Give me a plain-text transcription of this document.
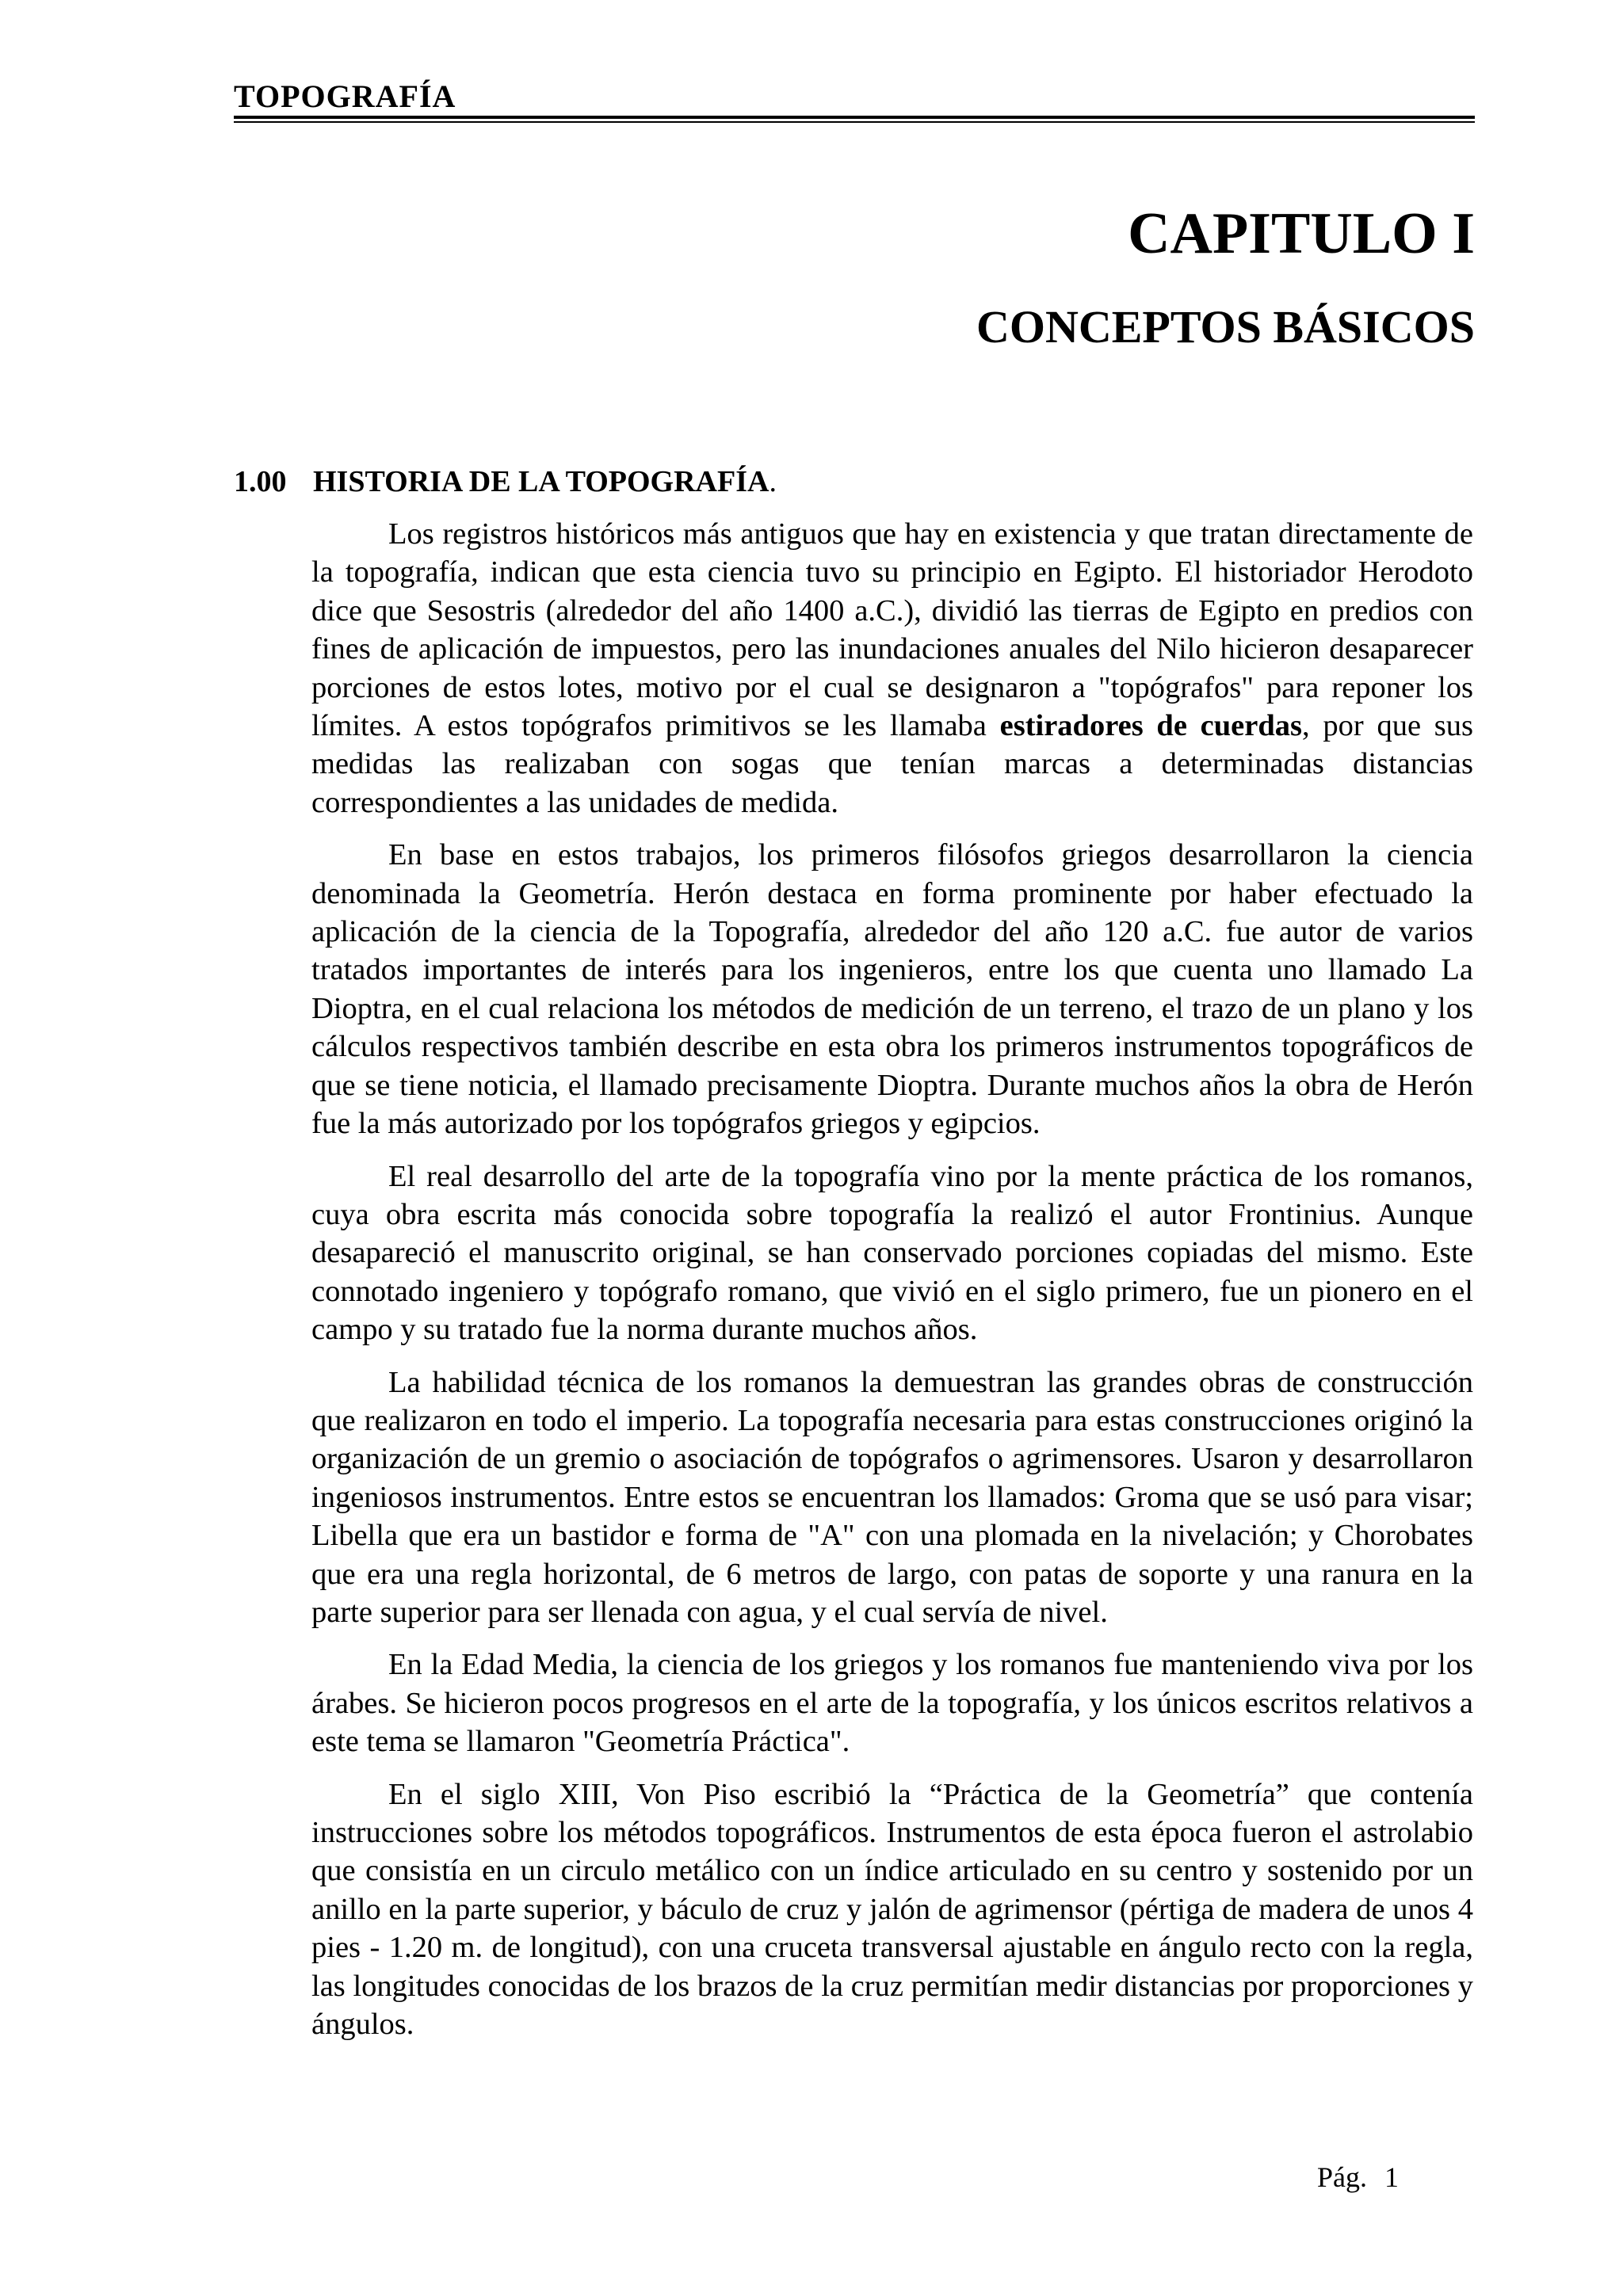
TOPOGRAFÍA
CAPITULO I
CONCEPTOS BÁSICOS
1.00 HISTORIA DE LA TOPOGRAFÍA.

Los registros históricos más antiguos que hay en existencia y que tratan directamente de la topografía, indican que esta ciencia tuvo su principio en Egipto. El historiador Herodoto dice que Sesostris (alrededor del año 1400 a.C.), dividió las tierras de Egipto en predios con fines de aplicación de impuestos, pero las inundaciones anuales del Nilo hicieron desaparecer porciones de estos lotes, motivo por el cual se designaron a "topógrafos" para reponer los límites. A estos topógrafos primitivos se les llamaba estiradores de cuerdas, por que sus medidas las realizaban con sogas que tenían marcas a determinadas distancias correspondientes a las unidades de medida.

En base en estos trabajos, los primeros filósofos griegos desarrollaron la ciencia denominada la Geometría. Herón destaca en forma prominente por haber efectuado la aplicación de la ciencia de la Topografía, alrededor del año 120 a.C. fue autor de varios tratados importantes de interés para los ingenieros, entre los que cuenta uno llamado La Dioptra, en el cual relaciona los métodos de medición de un terreno, el trazo de un plano y los cálculos respectivos también describe en esta obra los primeros instrumentos topográficos de que se tiene noticia, el llamado precisamente Dioptra. Durante muchos años la obra de Herón fue la más autorizado por los topógrafos griegos y egipcios.

El real desarrollo del arte de la topografía vino por la mente práctica de los romanos, cuya obra escrita más conocida sobre topografía la realizó el autor Frontinius. Aunque desapareció el manuscrito original, se han conservado porciones copiadas del mismo. Este connotado ingeniero y topógrafo romano, que vivió en el siglo primero, fue un pionero en el campo y su tratado fue la norma durante muchos años.

La habilidad técnica de los romanos la demuestran las grandes obras de construcción que realizaron en todo el imperio. La topografía necesaria para estas construcciones originó la organización de un gremio o asociación de topógrafos o agrimensores. Usaron y desarrollaron ingeniosos instrumentos. Entre estos se encuentran los llamados: Groma que se usó para visar; Libella que era un bastidor e forma de "A" con una plomada en la nivelación; y Chorobates que era una regla horizontal, de 6 metros de largo, con patas de soporte y una ranura en la parte superior para ser llenada con agua, y el cual servía de nivel.

En la Edad Media, la ciencia de los griegos y los romanos fue manteniendo viva por los árabes. Se hicieron pocos progresos en el arte de la topografía, y los únicos escritos relativos a este tema se llamaron "Geometría Práctica".

En el siglo XIII, Von Piso escribió la “Práctica de la Geometría” que contenía instrucciones sobre los métodos topográficos. Instrumentos de esta época fueron el astrolabio que consistía en un circulo metálico con un índice articulado en su centro y sostenido por un anillo en la parte superior, y báculo de cruz y jalón de agrimensor (pértiga de madera de unos 4 pies - 1.20 m. de longitud), con una cruceta transversal ajustable en ángulo recto con la regla, las longitudes conocidas de los brazos de la cruz permitían medir distancias por proporciones y ángulos.

Pág. 1
